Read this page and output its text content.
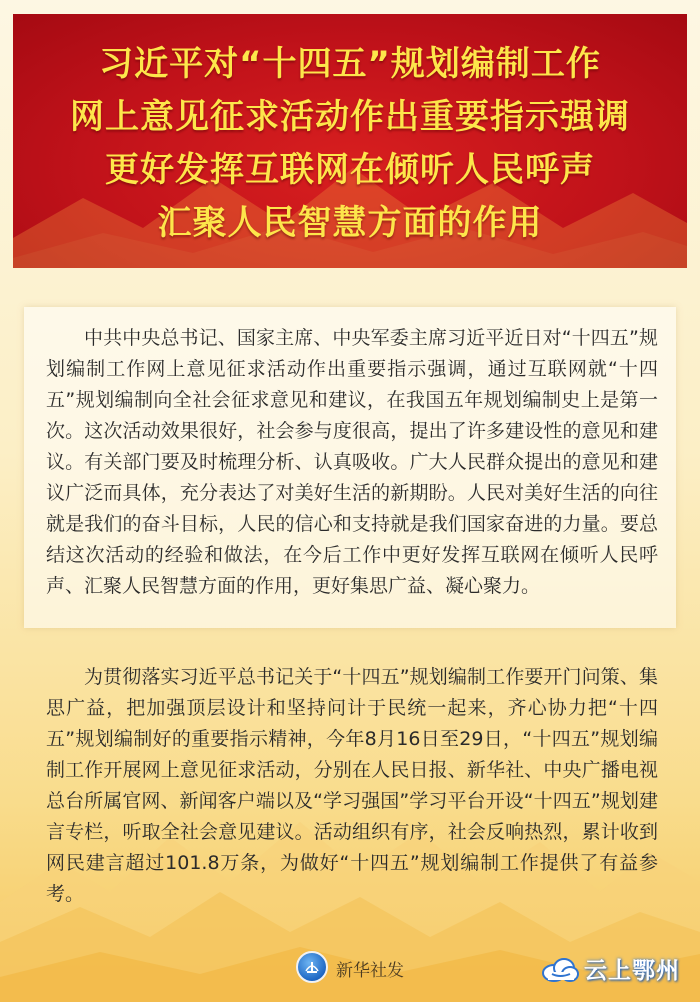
习近平对“十四五”规划编制工作
网上意见征求活动作出重要指示强调
更好发挥互联网在倾听人民呼声
汇聚人民智慧方面的作用
中共中央总书记、国家主席、中央军委主席习近平近日对“十四五”规划编制工作网上意见征求活动作出重要指示强调，通过互联网就“十四五”规划编制向全社会征求意见和建议，在我国五年规划编制史上是第一次。这次活动效果很好，社会参与度很高，提出了许多建设性的意见和建议。有关部门要及时梳理分析、认真吸收。广大人民群众提出的意见和建议广泛而具体，充分表达了对美好生活的新期盼。人民对美好生活的向往就是我们的奋斗目标，人民的信心和支持就是我们国家奋进的力量。要总结这次活动的经验和做法，在今后工作中更好发挥互联网在倾听人民呼声、汇聚人民智慧方面的作用，更好集思广益、凝心聚力。
为贯彻落实习近平总书记关于“十四五”规划编制工作要开门问策、集思广益，把加强顶层设计和坚持问计于民统一起来，齐心协力把“十四五”规划编制好的重要指示精神，今年8月16日至29日，“十四五”规划编制工作开展网上意见征求活动，分别在人民日报、新华社、中央广播电视总台所属官网、新闻客户端以及“学习强国”学习平台开设“十四五”规划建言专栏，听取全社会意见建议。活动组织有序，社会反响热烈，累计收到网民建言超过101.8万条，为做好“十四五”规划编制工作提供了有益参考。
新华社发	云上鄂州
